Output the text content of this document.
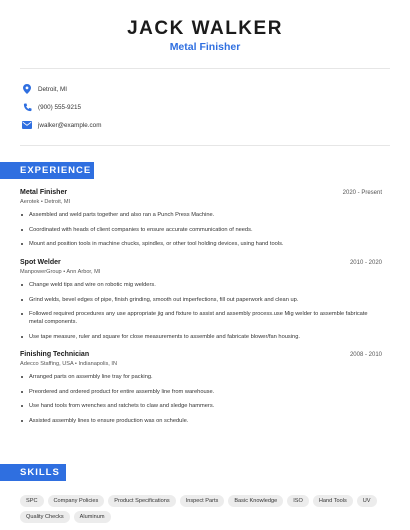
JACK WALKER
Metal Finisher
Detroit, MI
(900) 555-9215
jwalker@example.com
EXPERIENCE
Metal Finisher	2020 - Present
Aerotek • Detroit, MI
Assembled and weld parts together and also ran a Punch Press Machine.
Coordinated with heads of client companies to ensure accurate communication of needs.
Mount and position tools in machine chucks, spindles, or other tool holding devices, using hand tools.
Spot Welder	2010 - 2020
ManpowerGroup • Ann Arbor, MI
Change weld tips and wire on robotic mig welders.
Grind welds, bevel edges of pipe, finish grinding, smooth out imperfections, fill out paperwork and clean up.
Followed required procedures any use appropriate jig and fixture to assist and assembly process.use Mig welder to assemble fabricate metal components.
Use tape measure, ruler and square for close measurements to assemble and fabricate blower/fan housing.
Finishing Technician	2008 - 2010
Adecco Staffing, USA • Indianapolis, IN
Arranged parts on assembly line tray for packing.
Preordered and ordered product for entire assembly line from warehouse.
Use hand tools from wrenches and ratchets to claw and sledge hammers.
Assisted assembly lines to ensure production was on schedule.
SKILLS
SPC	Company Policies	Product Specifications	Inspect Parts	Basic Knowledge	ISO	Hand Tools	UV
Quality Checks	Aluminum
